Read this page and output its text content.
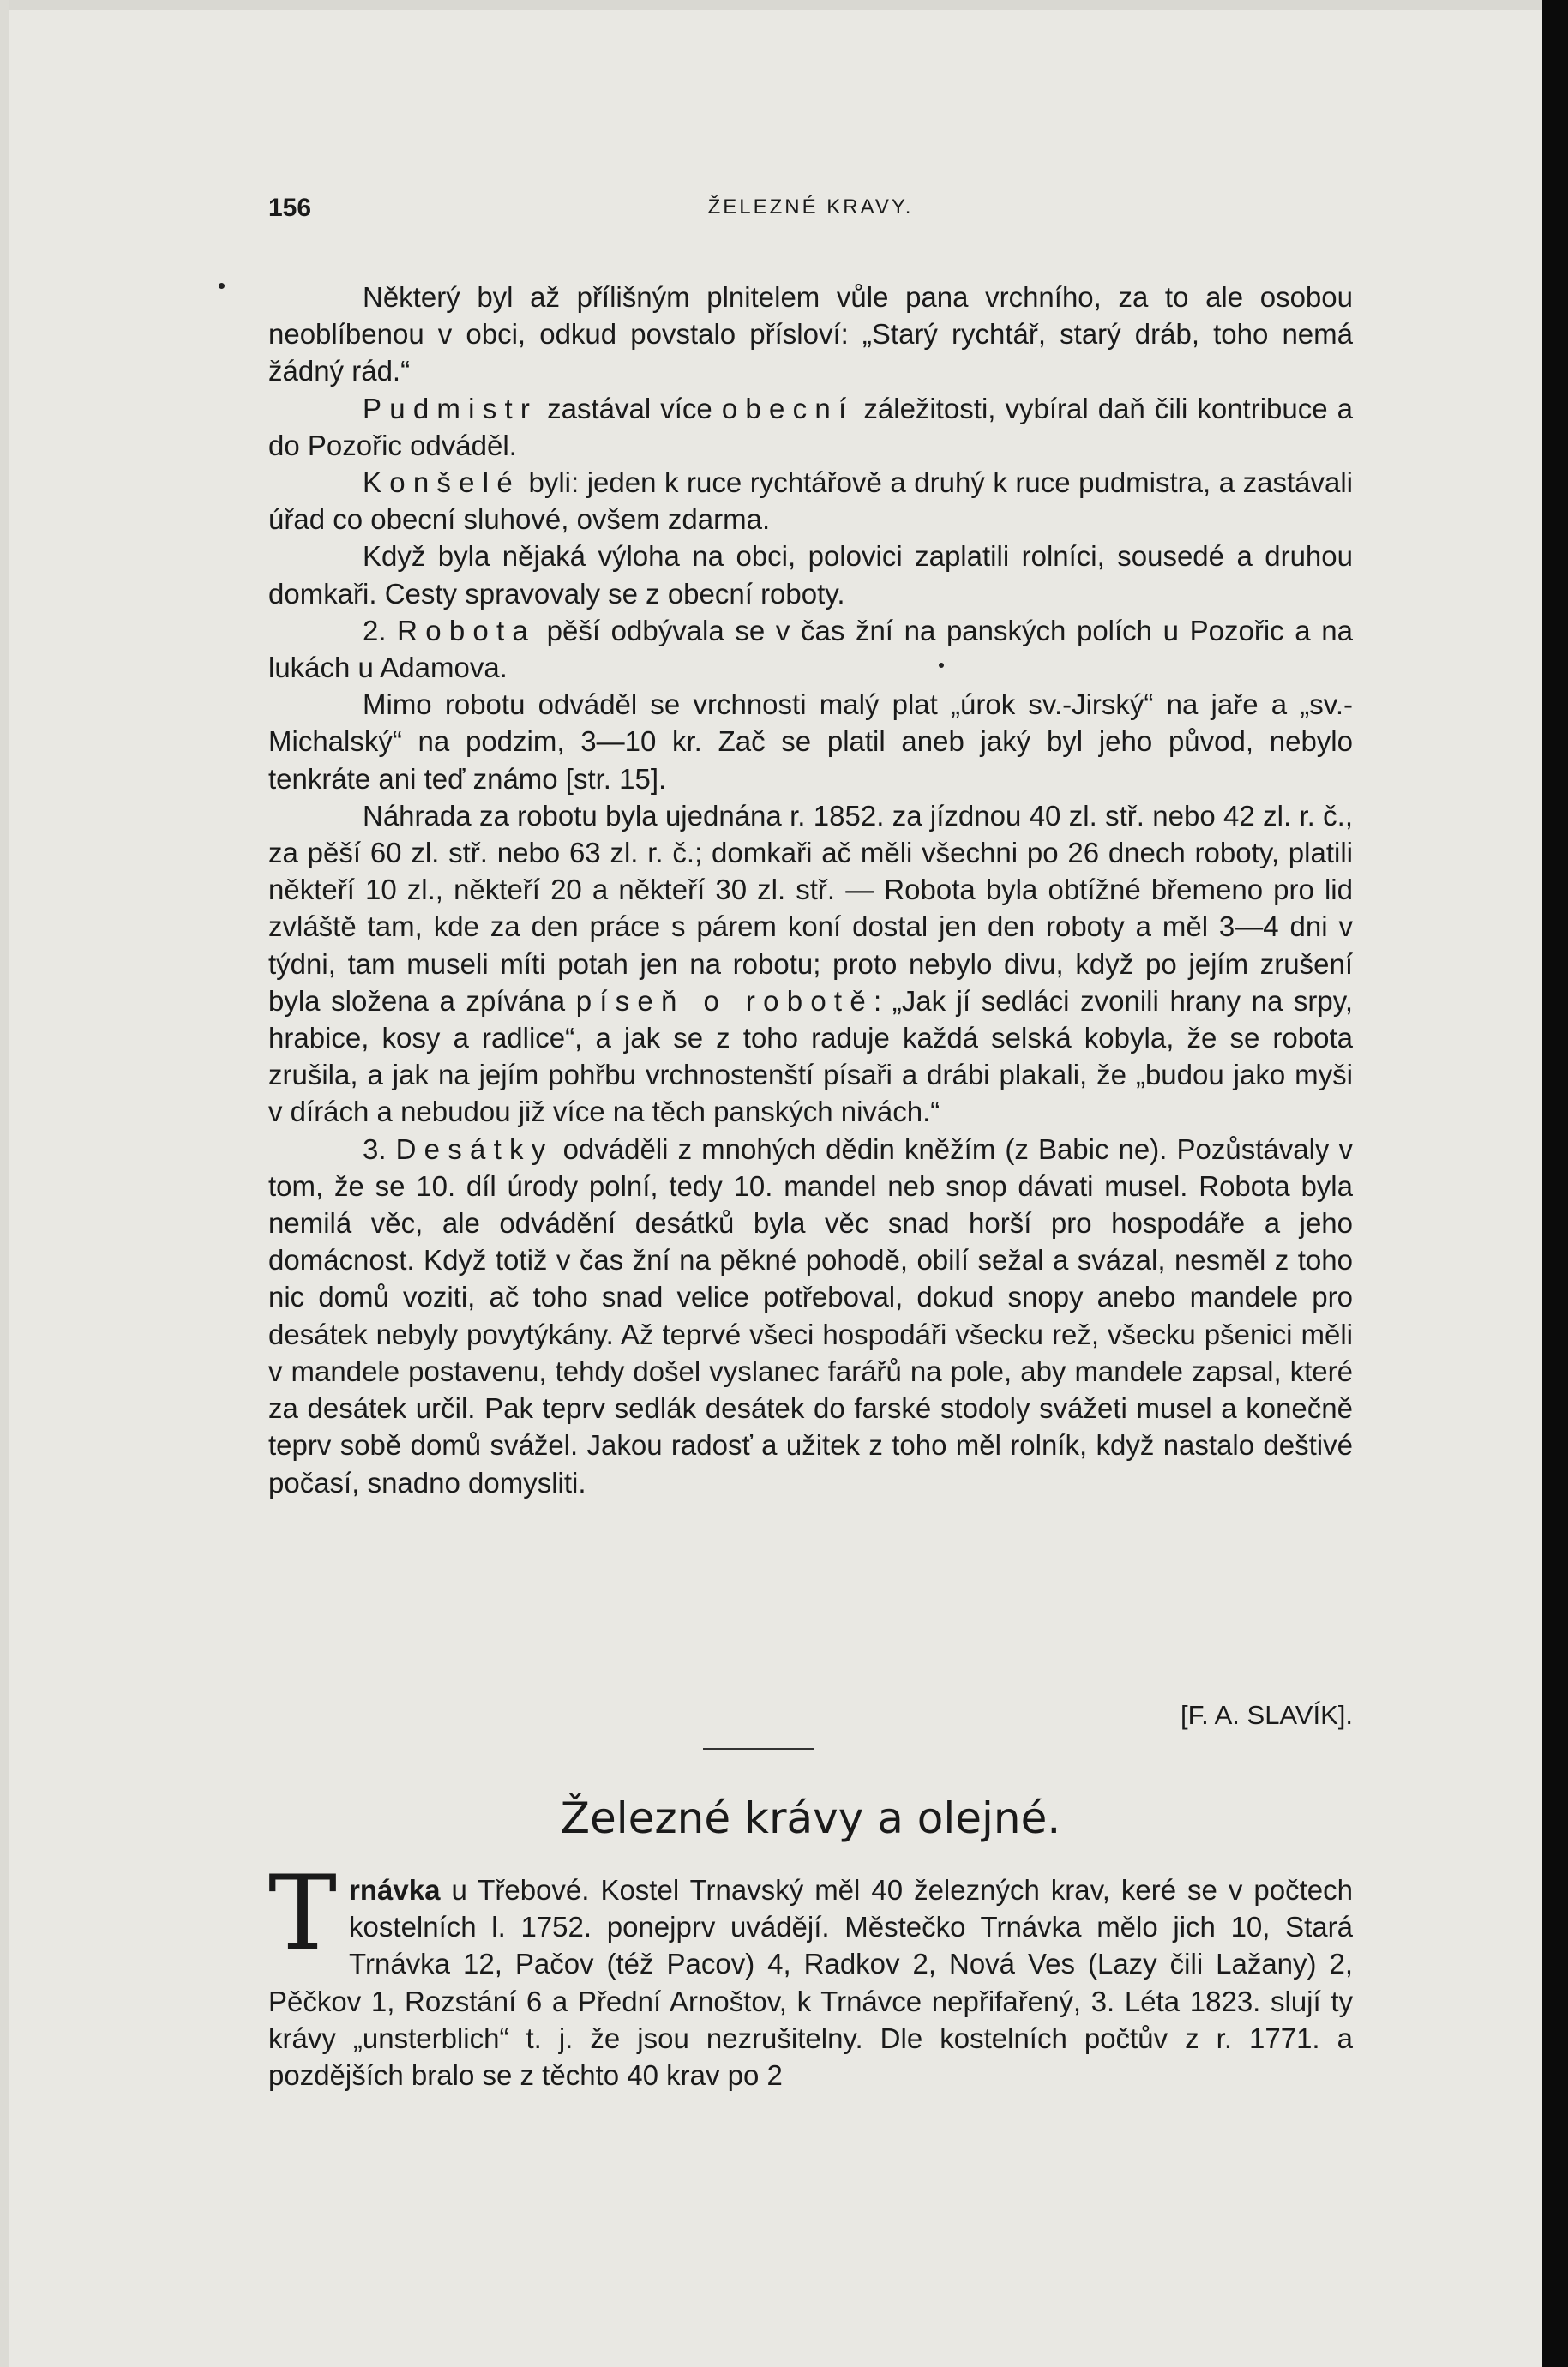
156	ŽELEZNÉ KRAVY.

Některý byl až přílišným plnitelem vůle pana vrchního, za to ale osobou neoblíbenou v obci, odkud povstalo přísloví: „Starý rychtář, starý dráb, toho nemá žádný rád.“

Pudmistr zastával více obecní záležitosti, vybíral daň čili kontribuce a do Pozořic odváděl.

Konšelé byli: jeden k ruce rychtářově a druhý k ruce pudmistra, a zastávali úřad co obecní sluhové, ovšem zdarma.

Když byla nějaká výloha na obci, polovici zaplatili rolníci, sousedé a druhou domkaři. Cesty spravovaly se z obecní roboty.

2. Robota pěší odbývala se v čas žní na panských polích u Pozořic a na lukách u Adamova.

Mimo robotu odváděl se vrchnosti malý plat „úrok sv.-Jirský“ na jaře a „sv.-Michalský“ na podzim, 3—10 kr. Zač se platil aneb jaký byl jeho původ, nebylo tenkráte ani teď známo [str. 15].

Náhrada za robotu byla ujednána r. 1852. za jízdnou 40 zl. stř. nebo 42 zl. r. č., za pěší 60 zl. stř. nebo 63 zl. r. č.; domkaři ač měli všechni po 26 dnech roboty, platili někteří 10 zl., někteří 20 a někteří 30 zl. stř. — Robota byla obtížné břemeno pro lid zvláště tam, kde za den práce s párem koní dostal jen den roboty a měl 3—4 dni v týdni, tam museli míti potah jen na robotu; proto nebylo divu, když po jejím zrušení byla složena a zpívána píseň o robotě: „Jak jí sedláci zvonili hrany na srpy, hrabice, kosy a radlice“, a jak se z toho raduje každá selská kobyla, že se robota zrušila, a jak na jejím pohřbu vrchnostenští písaři a drábi plakali, že „budou jako myši v dírách a nebudou již více na těch panských nivách.“

3. Desátky odváděli z mnohých dědin kněžím (z Babic ne). Pozůstávaly v tom, že se 10. díl úrody polní, tedy 10. mandel neb snop dávati musel. Robota byla nemilá věc, ale odvádění desátků byla věc snad horší pro hospodáře a jeho domácnost. Když totiž v čas žní na pěkné pohodě, obilí sežal a svázal, nesměl z toho nic domů voziti, ač toho snad velice potřeboval, dokud snopy anebo mandele pro desátek nebyly povytýkány. Až teprvé všeci hospodáři všecku rež, všecku pšenici měli v mandele postavenu, tehdy došel vyslanec farářů na pole, aby mandele zapsal, které za desátek určil. Pak teprv sedlák desátek do farské stodoly svážeti musel a konečně teprv sobě domů svážel. Jakou radosť a užitek z toho měl rolník, když nastalo deštivé počasí, snadno domysliti.

[F. A. SLAVÍK].
Železné krávy a olejné.

Trnávka u Třebové. Kostel Trnavský měl 40 železných krav, keré se v počtech kostelních l. 1752. ponejprv uvádějí. Městečko Trnávka mělo jich 10, Stará Trnávka 12, Pačov (též Pacov) 4, Radkov 2, Nová Ves (Lazy čili Lažany) 2, Pěčkov 1, Rozstání 6 a Přední Arnoštov, k Trnávce nepřifařený, 3. Léta 1823. slují ty krávy „unsterblich“ t. j. že jsou nezrušitelny. Dle kostelních počtův z r. 1771. a pozdějších bralo se z těchto 40 krav po 2
